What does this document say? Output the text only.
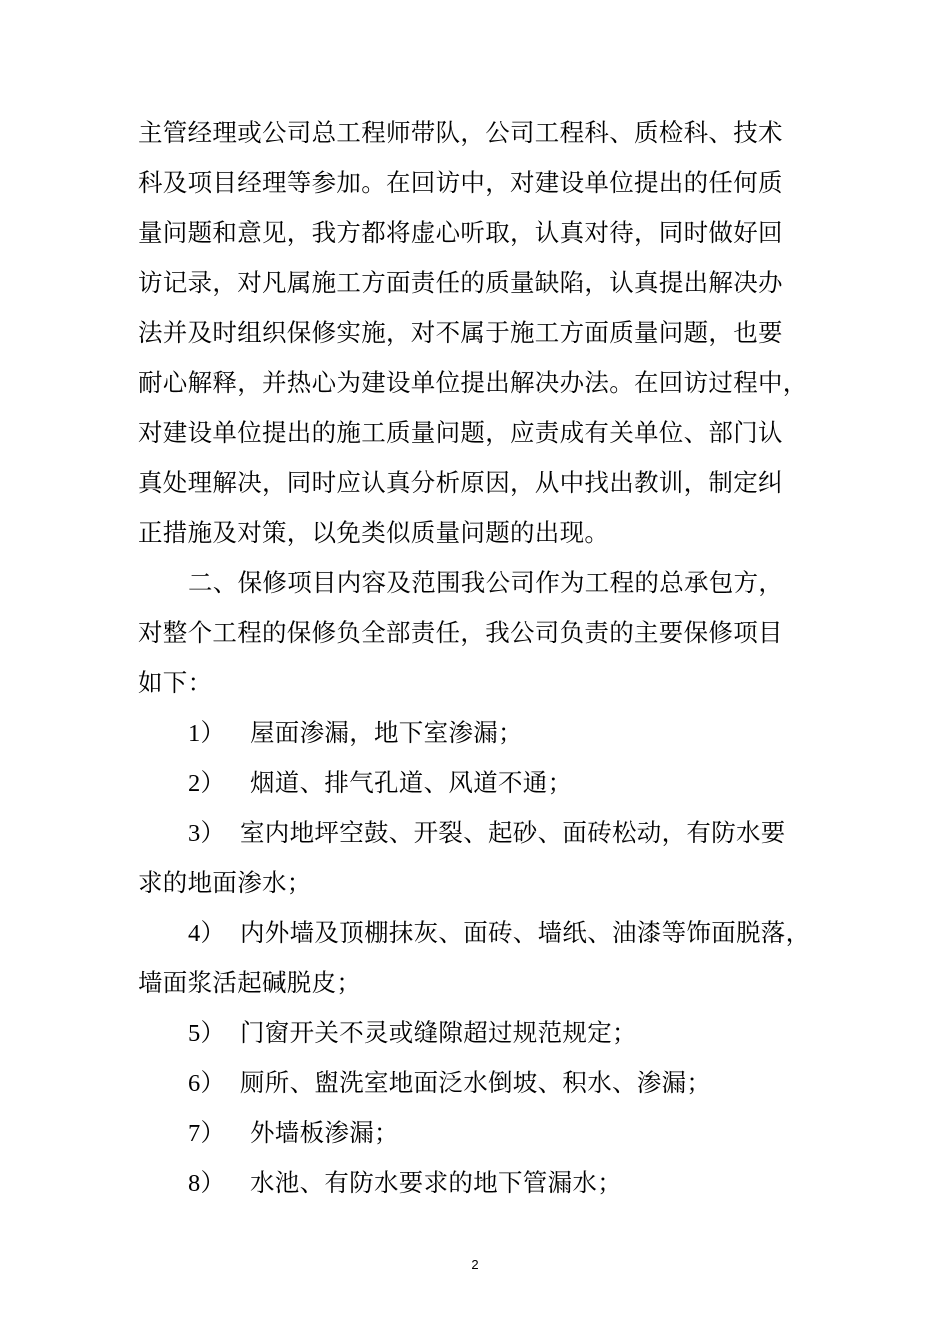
主管经理或公司总工程师带队，公司工程科、质检科、技术
科及项目经理等参加。在回访中，对建设单位提出的任何质
量问题和意见，我方都将虚心听取，认真对待，同时做好回
访记录，对凡属施工方面责任的质量缺陷，认真提出解决办
法并及时组织保修实施，对不属于施工方面质量问题，也要
耐心解释，并热心为建设单位提出解决办法。在回访过程中，
对建设单位提出的施工质量问题，应责成有关单位、部门认
真处理解决，同时应认真分析原因，从中找出教训，制定纠
正措施及对策，以免类似质量问题的出现。
二、保修项目内容及范围我公司作为工程的总承包方，
对整个工程的保修负全部责任，我公司负责的主要保修项目
如下：
1） 屋面渗漏，地下室渗漏；
2） 烟道、排气孔道、风道不通；
3） 室内地坪空鼓、开裂、起砂、面砖松动，有防水要
求的地面渗水；
4） 内外墙及顶棚抹灰、面砖、墙纸、油漆等饰面脱落，
墙面浆活起碱脱皮；
5） 门窗开关不灵或缝隙超过规范规定；
6） 厕所、盥洗室地面泛水倒坡、积水、渗漏；
7） 外墙板渗漏；
8） 水池、有防水要求的地下管漏水；
2
